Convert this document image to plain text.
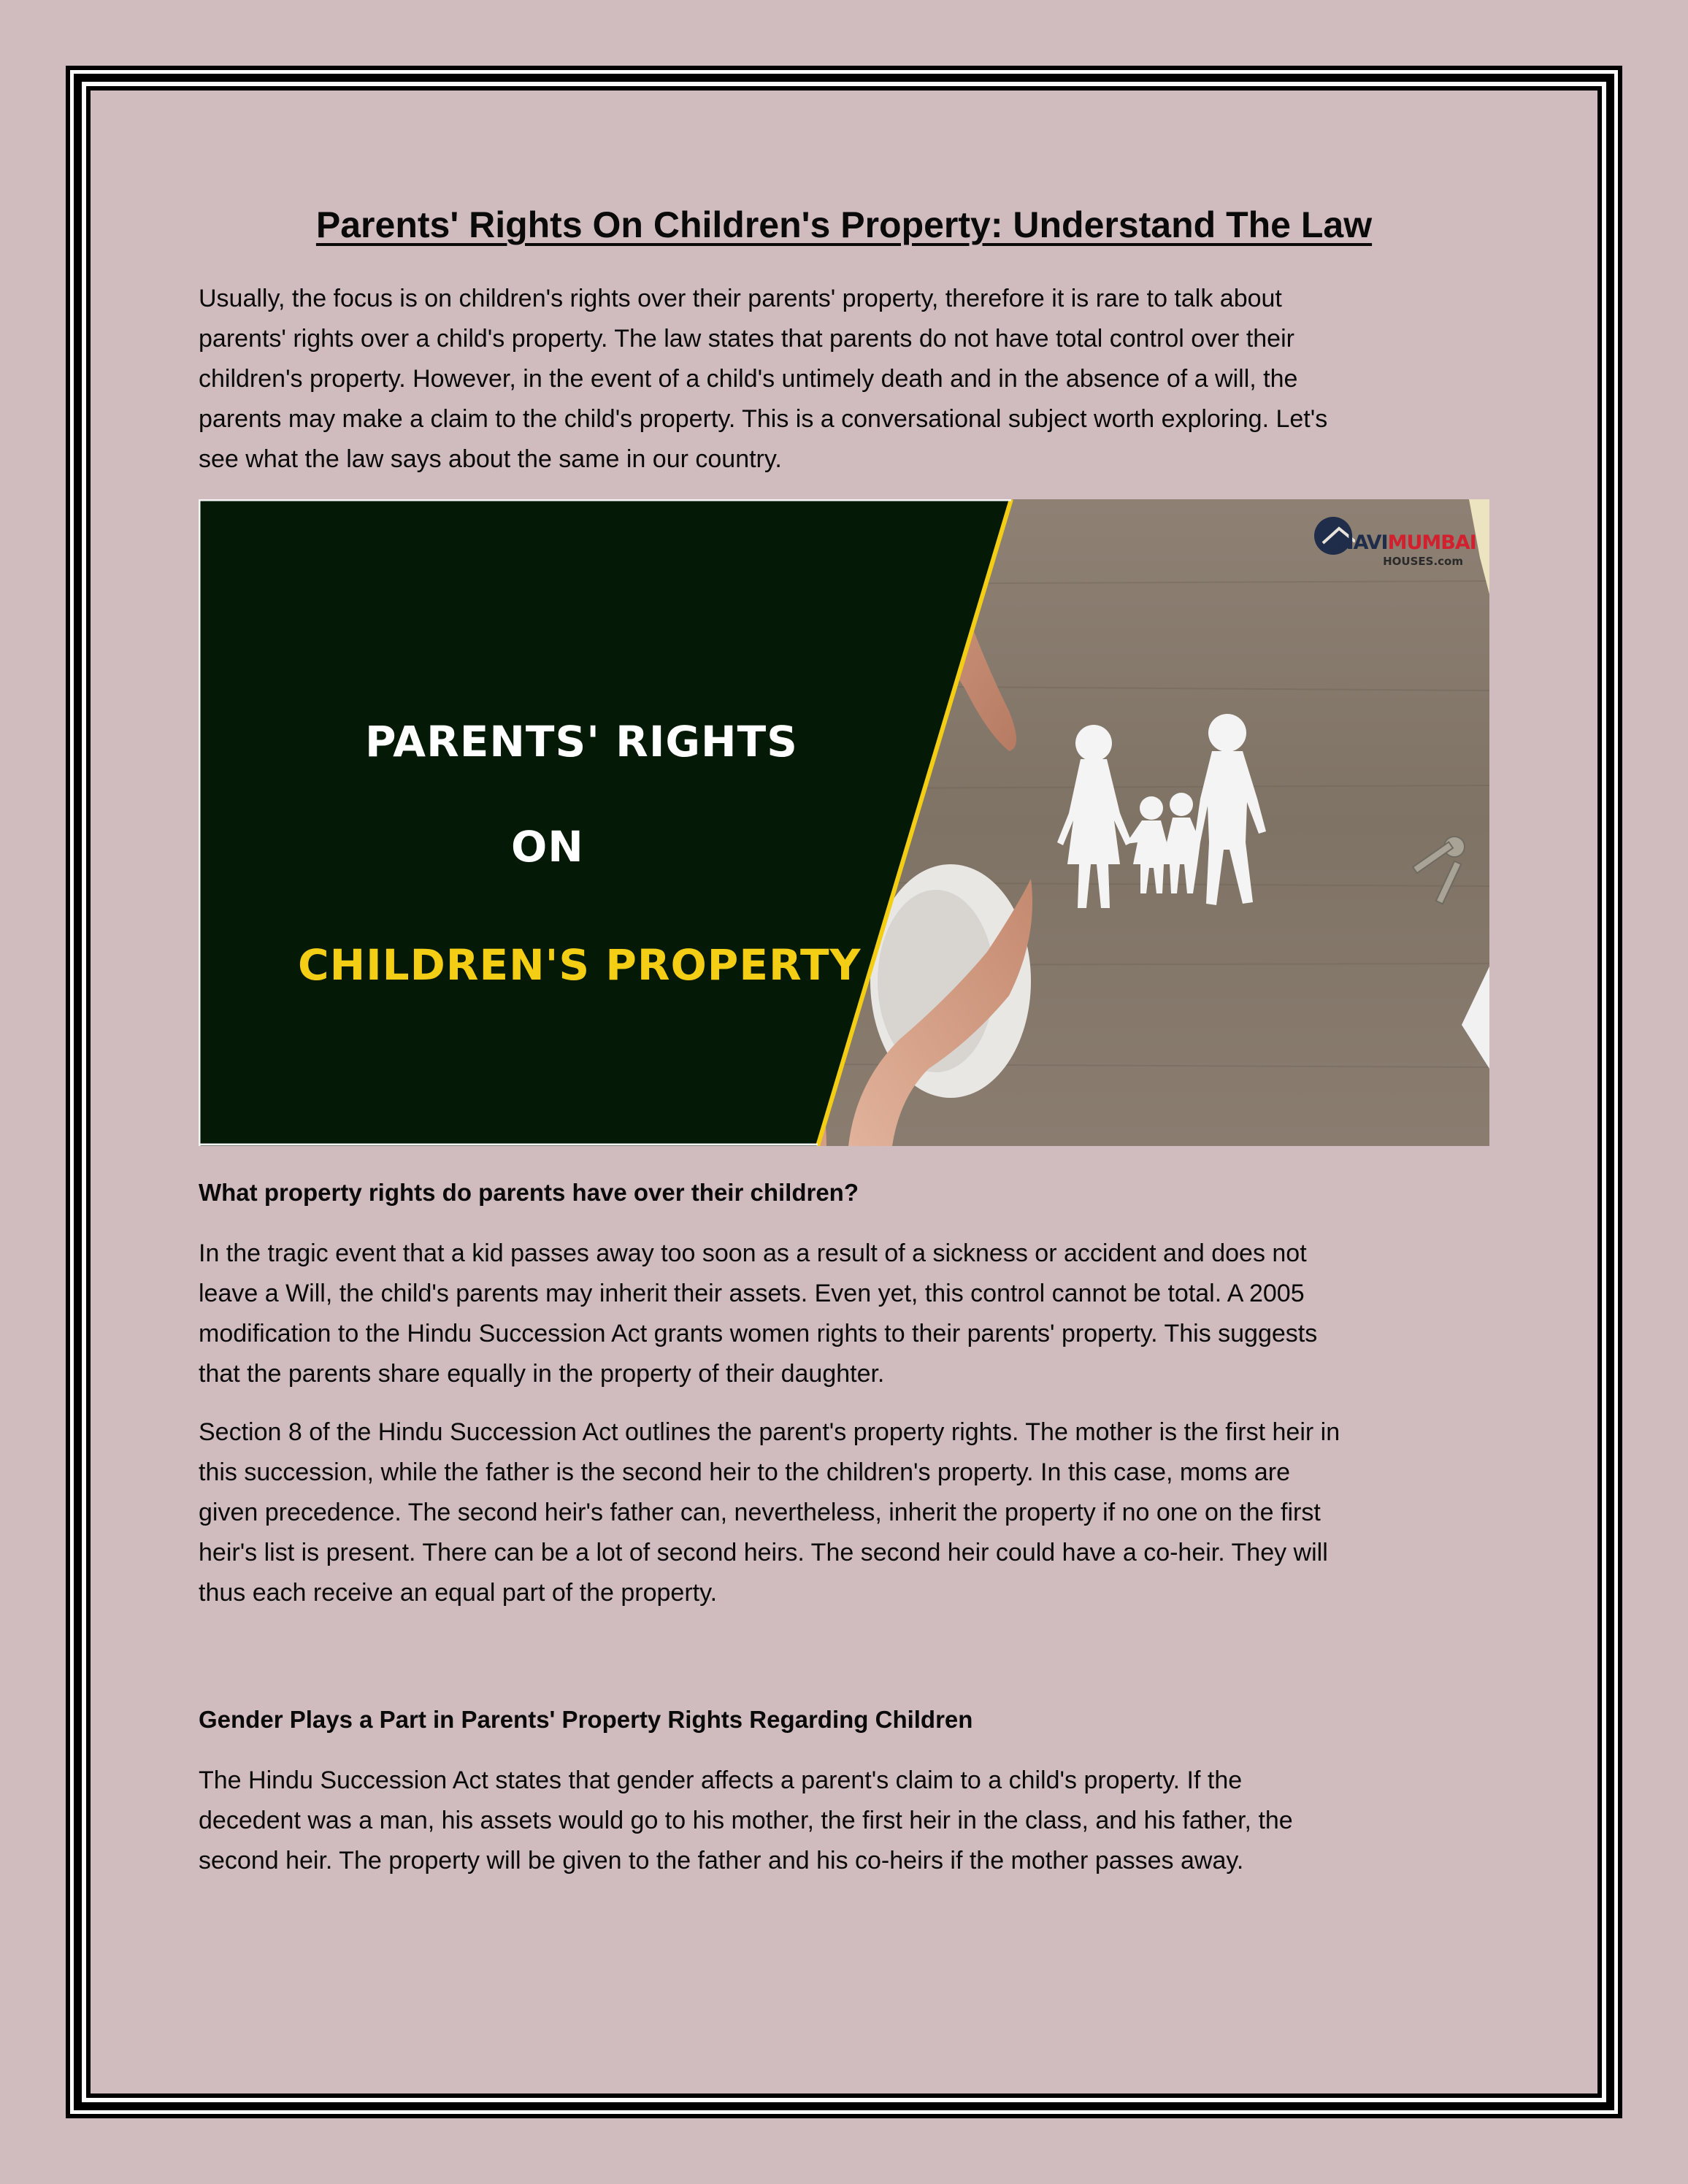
Parents' Rights On Children's Property: Understand The Law
Usually, the focus is on children's rights over their parents' property, therefore it is rare to talk about
parents' rights over a child's property. The law states that parents do not have total control over their
children's property. However, in the event of a child's untimely death and in the absence of a will, the
parents may make a claim to the child's property. This is a conversational subject worth exploring. Let's
see what the law says about the same in our country.
PARENTS' RIGHTS
ON
CHILDREN'S PROPERTY
NAVIMUMBAI
HOUSES.com
What property rights do parents have over their children?
In the tragic event that a kid passes away too soon as a result of a sickness or accident and does not
leave a Will, the child's parents may inherit their assets. Even yet, this control cannot be total. A 2005
modification to the Hindu Succession Act grants women rights to their parents' property. This suggests
that the parents share equally in the property of their daughter.
Section 8 of the Hindu Succession Act outlines the parent's property rights. The mother is the first heir in
this succession, while the father is the second heir to the children's property. In this case, moms are
given precedence. The second heir's father can, nevertheless, inherit the property if no one on the first
heir's list is present. There can be a lot of second heirs. The second heir could have a co-heir. They will
thus each receive an equal part of the property.
Gender Plays a Part in Parents' Property Rights Regarding Children
The Hindu Succession Act states that gender affects a parent's claim to a child's property. If the
decedent was a man, his assets would go to his mother, the first heir in the class, and his father, the
second heir. The property will be given to the father and his co-heirs if the mother passes away.
